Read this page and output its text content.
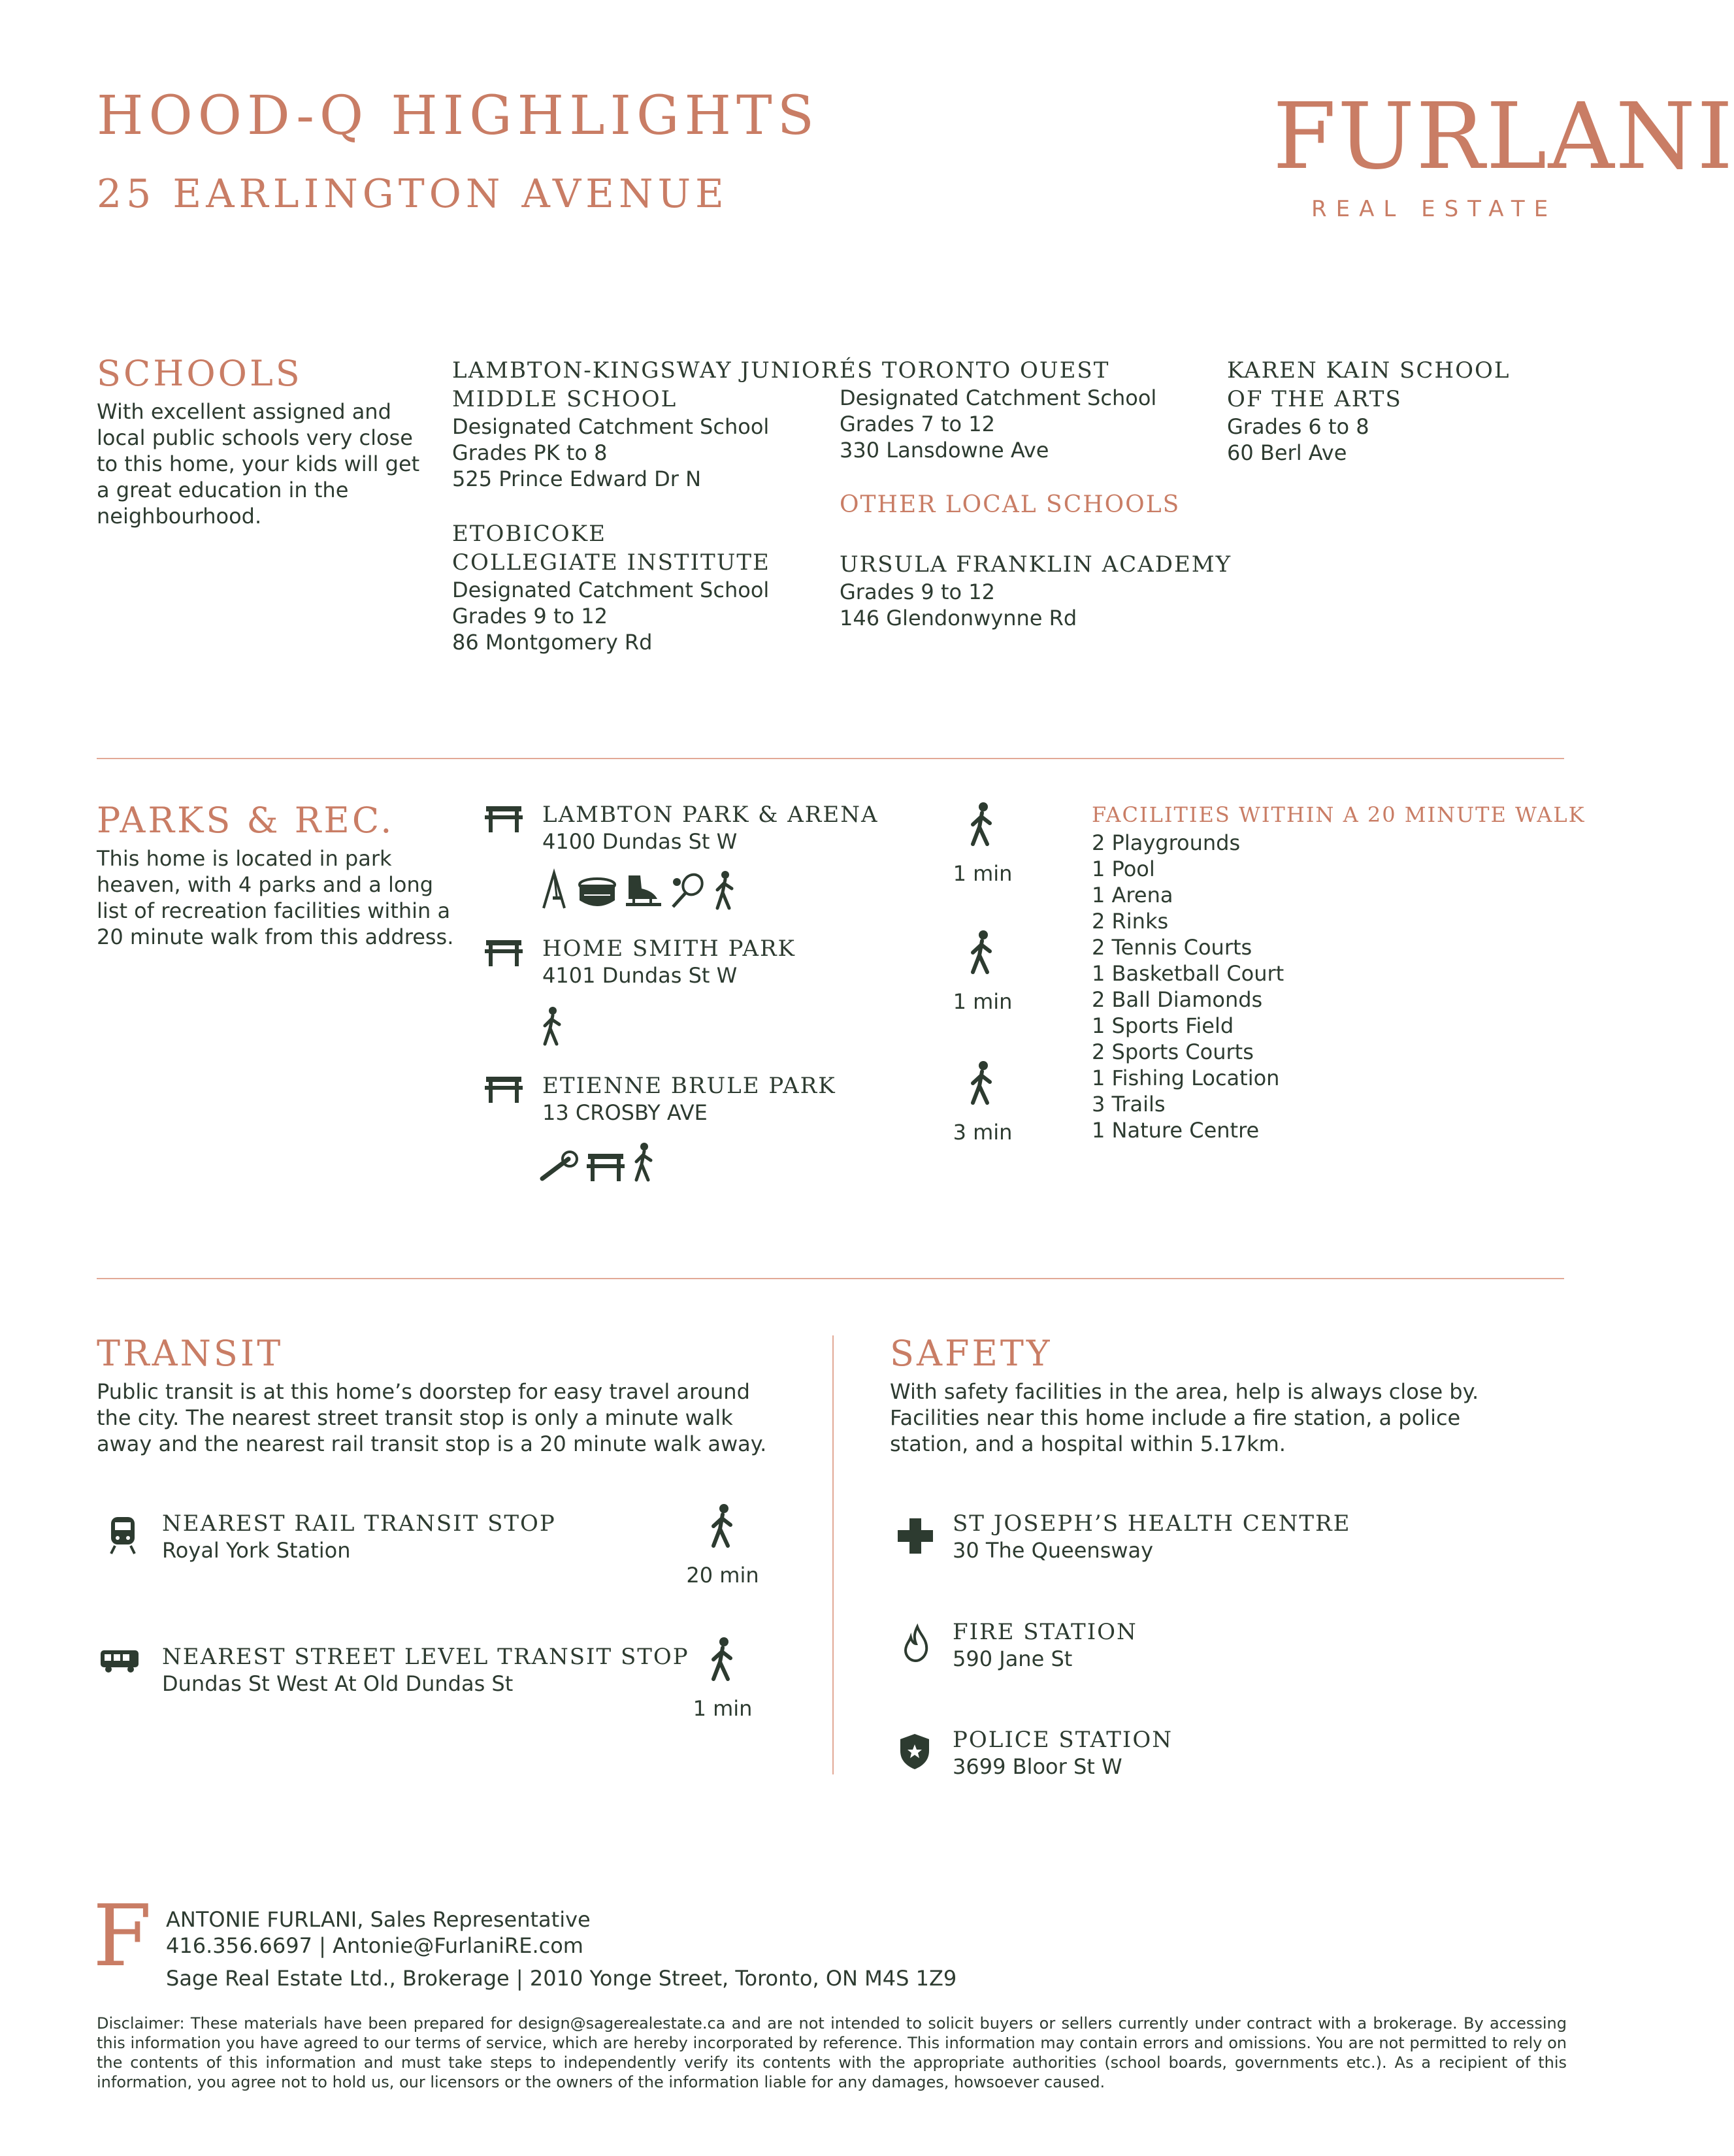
HOOD-Q HIGHLIGHTS
25 EARLINGTON AVENUE
FURLANI
REAL ESTATE
SCHOOLS
With excellent assigned and local public schools very close to this home, your kids will get a great education in the neighbourhood.
LAMBTON-KINGSWAY JUNIOR
MIDDLE SCHOOL
Designated Catchment School
Grades PK to 8
525 Prince Edward Dr N
ETOBICOKE
COLLEGIATE INSTITUTE
Designated Catchment School
Grades 9 to 12
86 Montgomery Rd
ÉS TORONTO OUEST
Designated Catchment School
Grades 7 to 12
330 Lansdowne Ave
OTHER LOCAL SCHOOLS
URSULA FRANKLIN ACADEMY
Grades 9 to 12
146 Glendonwynne Rd
KAREN KAIN SCHOOL
OF THE ARTS
Grades 6 to 8
60 Berl Ave
PARKS & REC.
This home is located in park heaven, with 4 parks and a long list of recreation facilities within a 20 minute walk from this address.
LAMBTON PARK & ARENA
4100 Dundas St W
1 min
HOME SMITH PARK
4101 Dundas St W
1 min
ETIENNE BRULE PARK
13 CROSBY AVE
3 min
FACILITIES WITHIN A 20 MINUTE WALK
2 Playgrounds
1 Pool
1 Arena
2 Rinks
2 Tennis Courts
1 Basketball Court
2 Ball Diamonds
1 Sports Field
2 Sports Courts
1 Fishing Location
3 Trails
1 Nature Centre
TRANSIT
Public transit is at this home’s doorstep for easy travel around the city. The nearest street transit stop is only a minute walk away and the nearest rail transit stop is a 20 minute walk away.
NEAREST RAIL TRANSIT STOP
Royal York Station
20 min
NEAREST STREET LEVEL TRANSIT STOP
Dundas St West At Old Dundas St
1 min
SAFETY
With safety facilities in the area, help is always close by. Facilities near this home include a fire station, a police station, and a hospital within 5.17km.
ST JOSEPH’S HEALTH CENTRE
30 The Queensway
FIRE STATION
590 Jane St
POLICE STATION
3699 Bloor St W
F ANTONIE FURLANI, Sales Representative
416.356.6697 | Antonie@FurlaniRE.com
Sage Real Estate Ltd., Brokerage | 2010 Yonge Street, Toronto, ON M4S 1Z9
Disclaimer: These materials have been prepared for design@sagerealestate.ca and are not intended to solicit buyers or sellers currently under contract with a brokerage. By accessing this information you have agreed to our terms of service, which are hereby incorporated by reference. This information may contain errors and omissions. You are not permitted to rely on the contents of this information and must take steps to independently verify its contents with the appropriate authorities (school boards, governments etc.). As a recipient of this information, you agree not to hold us, our licensors or the owners of the information liable for any damages, howsoever caused.
